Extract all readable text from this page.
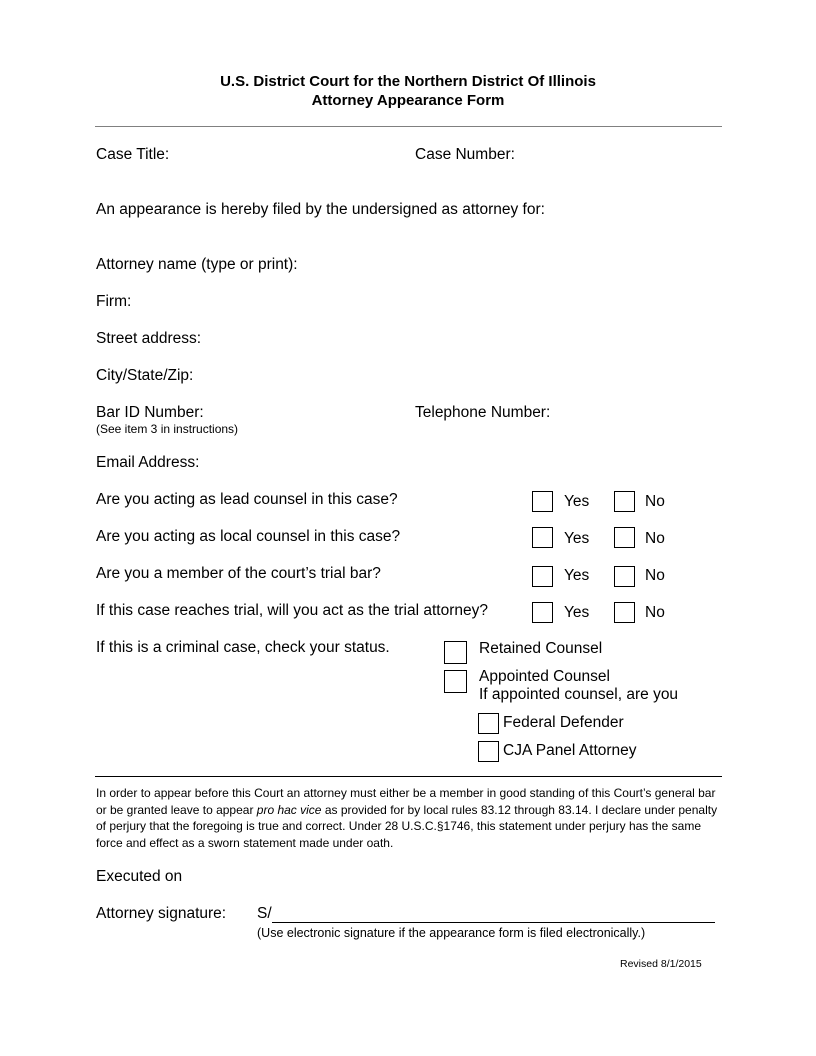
U.S. District Court for the Northern District Of Illinois
Attorney Appearance Form
Case Title:	Case Number:
An appearance is hereby filed by the undersigned as attorney for:
Attorney name (type or print):
Firm:
Street address:
City/State/Zip:
Bar ID Number:
(See item 3 in instructions)
Telephone Number:
Email Address:
Are you acting as lead counsel in this case?	Yes	No
Are you acting as local counsel in this case?	Yes	No
Are you a member of the court’s trial bar?	Yes	No
If this case reaches trial, will you act as the trial attorney?	Yes	No
If this is a criminal case, check your status.	Retained Counsel
Appointed Counsel
If appointed counsel, are you
Federal Defender
CJA Panel Attorney
In order to appear before this Court an attorney must either be a member in good standing of this Court’s general bar or be granted leave to appear pro hac vice as provided for by local rules 83.12 through 83.14. I declare under penalty of perjury that the foregoing is true and correct. Under 28 U.S.C.§1746, this statement under perjury has the same force and effect as a sworn statement made under oath.
Executed on
Attorney signature: S/
(Use electronic signature if the appearance form is filed electronically.)
Revised 8/1/2015
